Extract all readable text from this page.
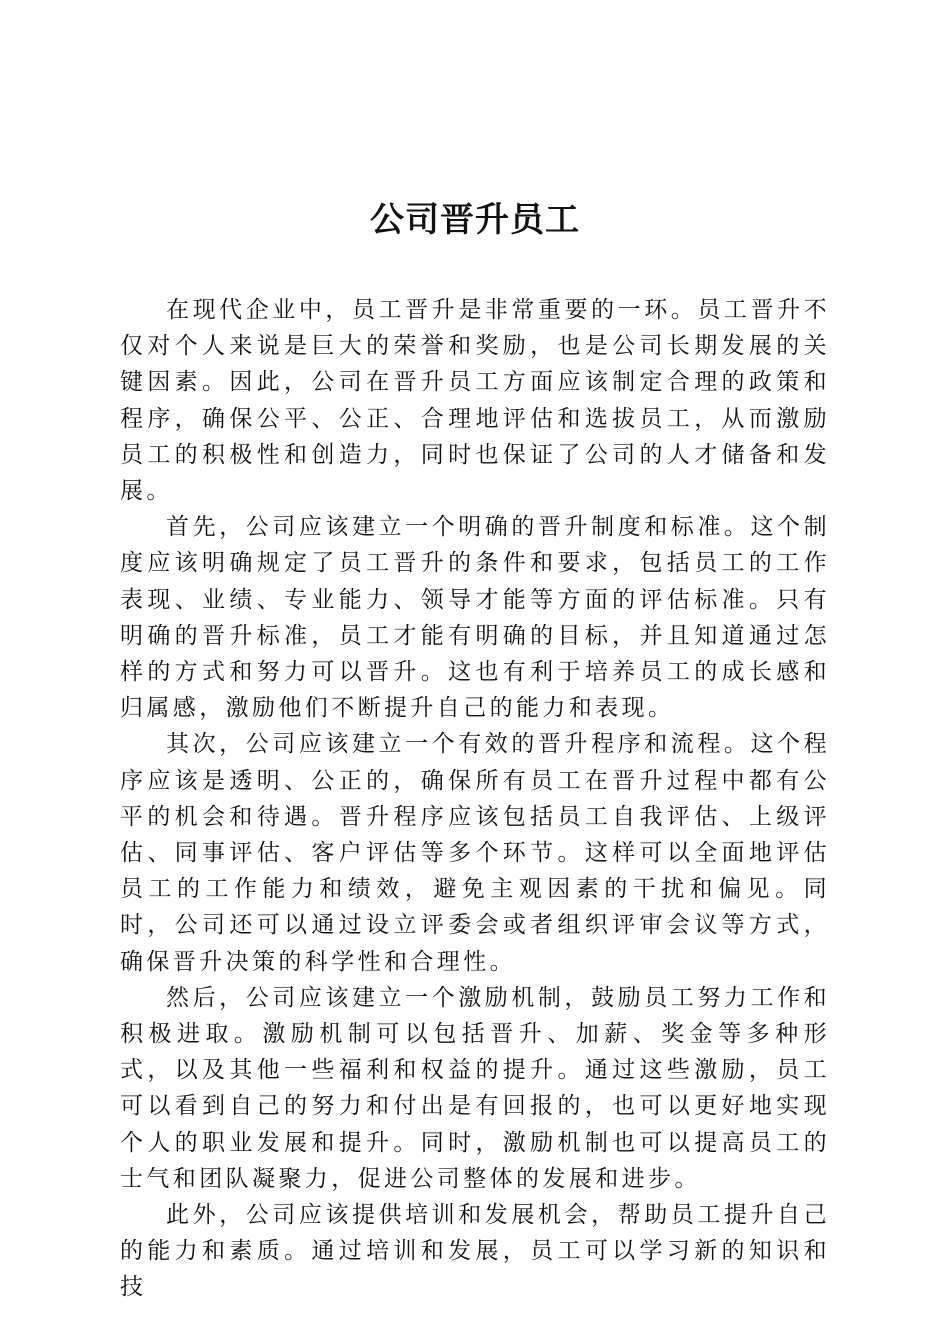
公司晋升员工

在现代企业中，员工晋升是非常重要的一环。员工晋升不仅对个人来说是巨大的荣誉和奖励，也是公司长期发展的关键因素。因此，公司在晋升员工方面应该制定合理的政策和程序，确保公平、公正、合理地评估和选拔员工，从而激励员工的积极性和创造力，同时也保证了公司的人才储备和发展。

首先，公司应该建立一个明确的晋升制度和标准。这个制度应该明确规定了员工晋升的条件和要求，包括员工的工作表现、业绩、专业能力、领导才能等方面的评估标准。只有明确的晋升标准，员工才能有明确的目标，并且知道通过怎样的方式和努力可以晋升。这也有利于培养员工的成长感和归属感，激励他们不断提升自己的能力和表现。

其次，公司应该建立一个有效的晋升程序和流程。这个程序应该是透明、公正的，确保所有员工在晋升过程中都有公平的机会和待遇。晋升程序应该包括员工自我评估、上级评估、同事评估、客户评估等多个环节。这样可以全面地评估员工的工作能力和绩效，避免主观因素的干扰和偏见。同时，公司还可以通过设立评委会或者组织评审会议等方式，确保晋升决策的科学性和合理性。

然后，公司应该建立一个激励机制，鼓励员工努力工作和积极进取。激励机制可以包括晋升、加薪、奖金等多种形式，以及其他一些福利和权益的提升。通过这些激励，员工可以看到自己的努力和付出是有回报的，也可以更好地实现个人的职业发展和提升。同时，激励机制也可以提高员工的士气和团队凝聚力，促进公司整体的发展和进步。

此外，公司应该提供培训和发展机会，帮助员工提升自己的能力和素质。通过培训和发展，员工可以学习新的知识和技
